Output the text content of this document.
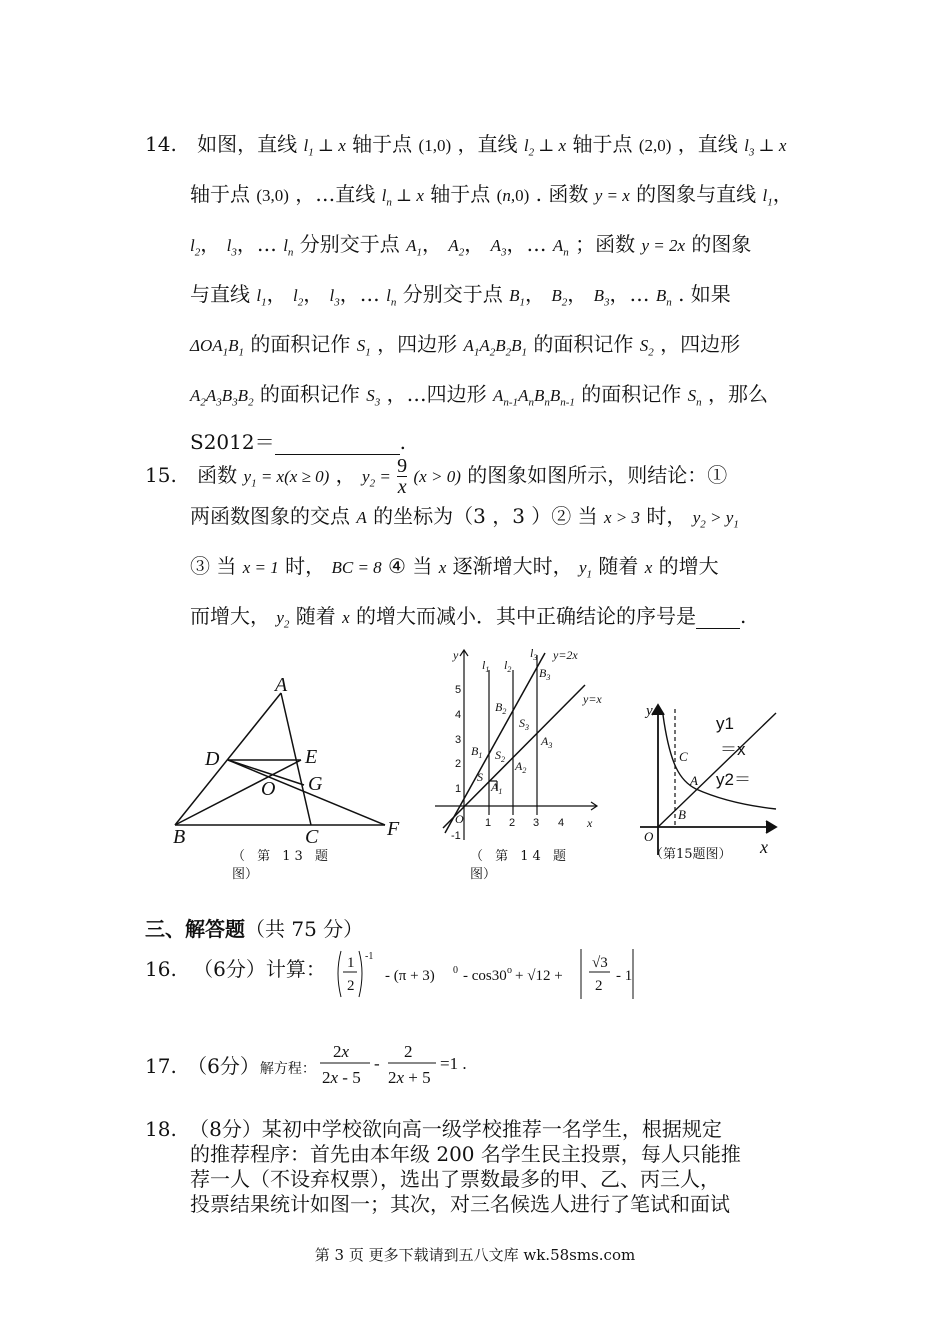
14. 如图，直线 $l_1$ ⊥ x 轴于点 (1,0) ，直线 $l_2$ ⊥ x 轴于点 (2,0) ，直线 $l_3$ ⊥ x
轴于点 (3,0) ，…直线 $l_n$ ⊥ x 轴于点 (n,0) . 函数 y = x 的图象与直线 $l_1$，
$l_2$， $l_3$，… $l_n$ 分别交于点 $A_1$， $A_2$， $A_3$，… $A_n$ ；函数 y = 2x 的图象
与直线 $l_1$， $l_2$， $l_3$，… $l_n$ 分别交于点 $B_1$， $B_2$， $B_3$，… $B_n$ . 如果
$\Delta OA_1B_1$ 的面积记作 $S_1$ ，四边形 $A_1A_2B_2B_1$ 的面积记作 $S_2$ ，四边形
$A_2A_3B_3B_2$ 的面积记作 $S_3$ ，…四边形 $A_{n-1}A_nB_nB_{n-1}$ 的面积记作 $S_n$ ，那么
S2012＝	.
15. 函数 $y_1 = x(x \ge 0)$ ， $y_2 = \frac{9}{x} (x > 0)$ 的图象如图所示，则结论：①
两函数图象的交点 A 的坐标为（3 ，3 ）② 当 x > 3 时， $y_2 > y_1$
③ 当 x = 1 时， BC = 8 ④ 当 x 逐渐增大时， $y_1$ 随着 x 的增大
而增大， $y_2$ 随着 x 的增大而减小．其中正确结论的序号是 .
A
D	E
O G
B	C	F
（ 第 13 题
图）
y
x
y=2x
y=x
$l_1$ $l_2$
$l_3$
$B_3$
$B_2$
$B_1$
$S_3$
$S_2$
S
$A_3$
$A_2$
$A_1$
O
5
4
3
2
1
1 2 3 4
-1
（ 第 14 题
图）
y
C
A
B
O
x
y1
＝x
y2＝
（第15题图）
三、解答题（共 75 分）
16. （6分）计算： 1
2
-1
- (π + 3) 0 - cos30 o + √12 +
√3
2
- 1
17. （6分）解方程：
2x
2x - 5
-
2
2x + 5
=1 .
18. （8分）某初中学校欲向高一级学校推荐一名学生，根据规定
的推荐程序：首先由本年级 200 名学生民主投票，每人只能推
荐一人（不设弃权票），选出了票数最多的甲、乙、丙三人，
投票结果统计如图一；其次，对三名候选人进行了笔试和面试
第 3 页 更多下载请到五八文库 wk.58sms.com
